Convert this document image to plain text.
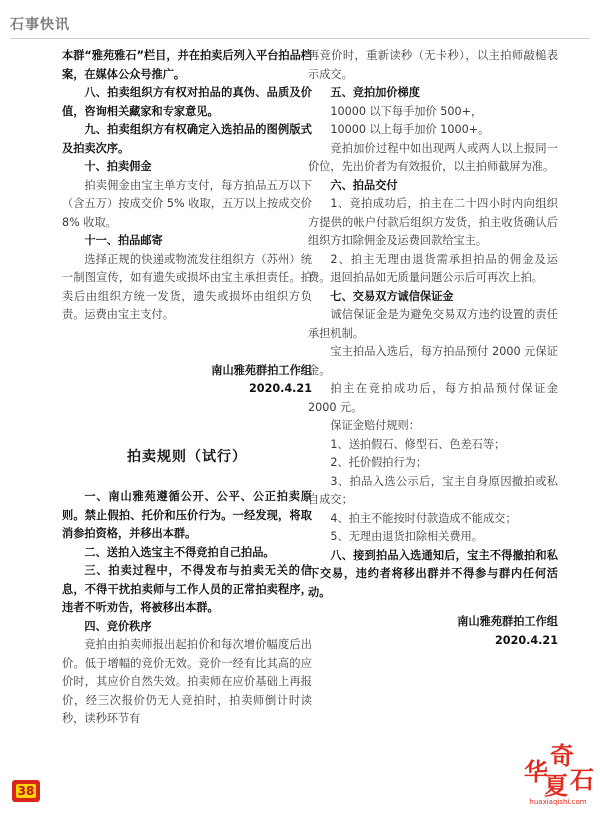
石事快讯

本群“雅苑雅石”栏目，并在拍卖后列入平台拍品档案，在媒体公众号推广。

八、拍卖组织方有权对拍品的真伪、品质及价值，咨询相关藏家和专家意见。

九、拍卖组织方有权确定入选拍品的图例版式及拍卖次序。

十、拍卖佣金

拍卖佣金由宝主单方支付，每方拍品五万以下（含五万）按成交价 5% 收取，五万以上按成交价 8% 收取。

十一、拍品邮寄

选择正规的快递或物流发往组织方（苏州）统一制图宣传，如有遗失或损坏由宝主承担责任。拍卖后由组织方统一发货，遗失或损坏由组织方负责。运费由宝主支付。

南山雅苑群拍工作组

2020.4.21

拍卖规则（试行）

一、南山雅苑遵循公开、公平、公正拍卖原则。禁止假拍、托价和压价行为。一经发现，将取消参拍资格，并移出本群。

二、送拍入选宝主不得竞拍自己拍品。

三、拍卖过程中，不得发布与拍卖无关的信息，不得干扰拍卖师与工作人员的正常拍卖程序，违者不听劝告，将被移出本群。

四、竞价秩序

竞拍由拍卖师报出起拍价和每次增价幅度后出价。低于增幅的竞价无效。竞价一经有比其高的应价时，其应价自然失效。拍卖师在应价基础上再报价，经三次报价仍无人竞拍时，拍卖师倒计时读秒，读秒环节有

再竞价时，重新读秒（无卡秒），以主拍师敲槌表示成交。

五、竞拍加价梯度

10000 以下每手加价 500+，

10000 以上每手加价 1000+。

竞拍加价过程中如出现两人或两人以上报同一价位，先出价者为有效报价，以主拍师截屏为准。

六、拍品交付

1、竞拍成功后，拍主在二十四小时内向组织方提供的帐户付款后组织方发货，拍主收货确认后组织方扣除佣金及运费回款给宝主。

2、拍主无理由退货需承担拍品的佣金及运费。退回拍品如无质量问题公示后可再次上拍。

七、交易双方诚信保证金

诚信保证金是为避免交易双方违约设置的责任承担机制。

宝主拍品入选后，每方拍品预付 2000 元保证金。

拍主在竞拍成功后，每方拍品预付保证金 2000 元。

保证金赔付规则：

1、送拍假石、修型石、色差石等；

2、托价假拍行为；

3、拍品入选公示后，宝主自身原因撤拍或私自成交；

4、拍主不能按时付款造成不能成交；

5、无理由退货扣除相关费用。

八、接到拍品入选通知后，宝主不得撤拍和私下交易，违约者将移出群并不得参与群内任何活动。

南山雅苑群拍工作组

2020.4.21

38
华
奇
夏 石
huaxiaqishi.com
